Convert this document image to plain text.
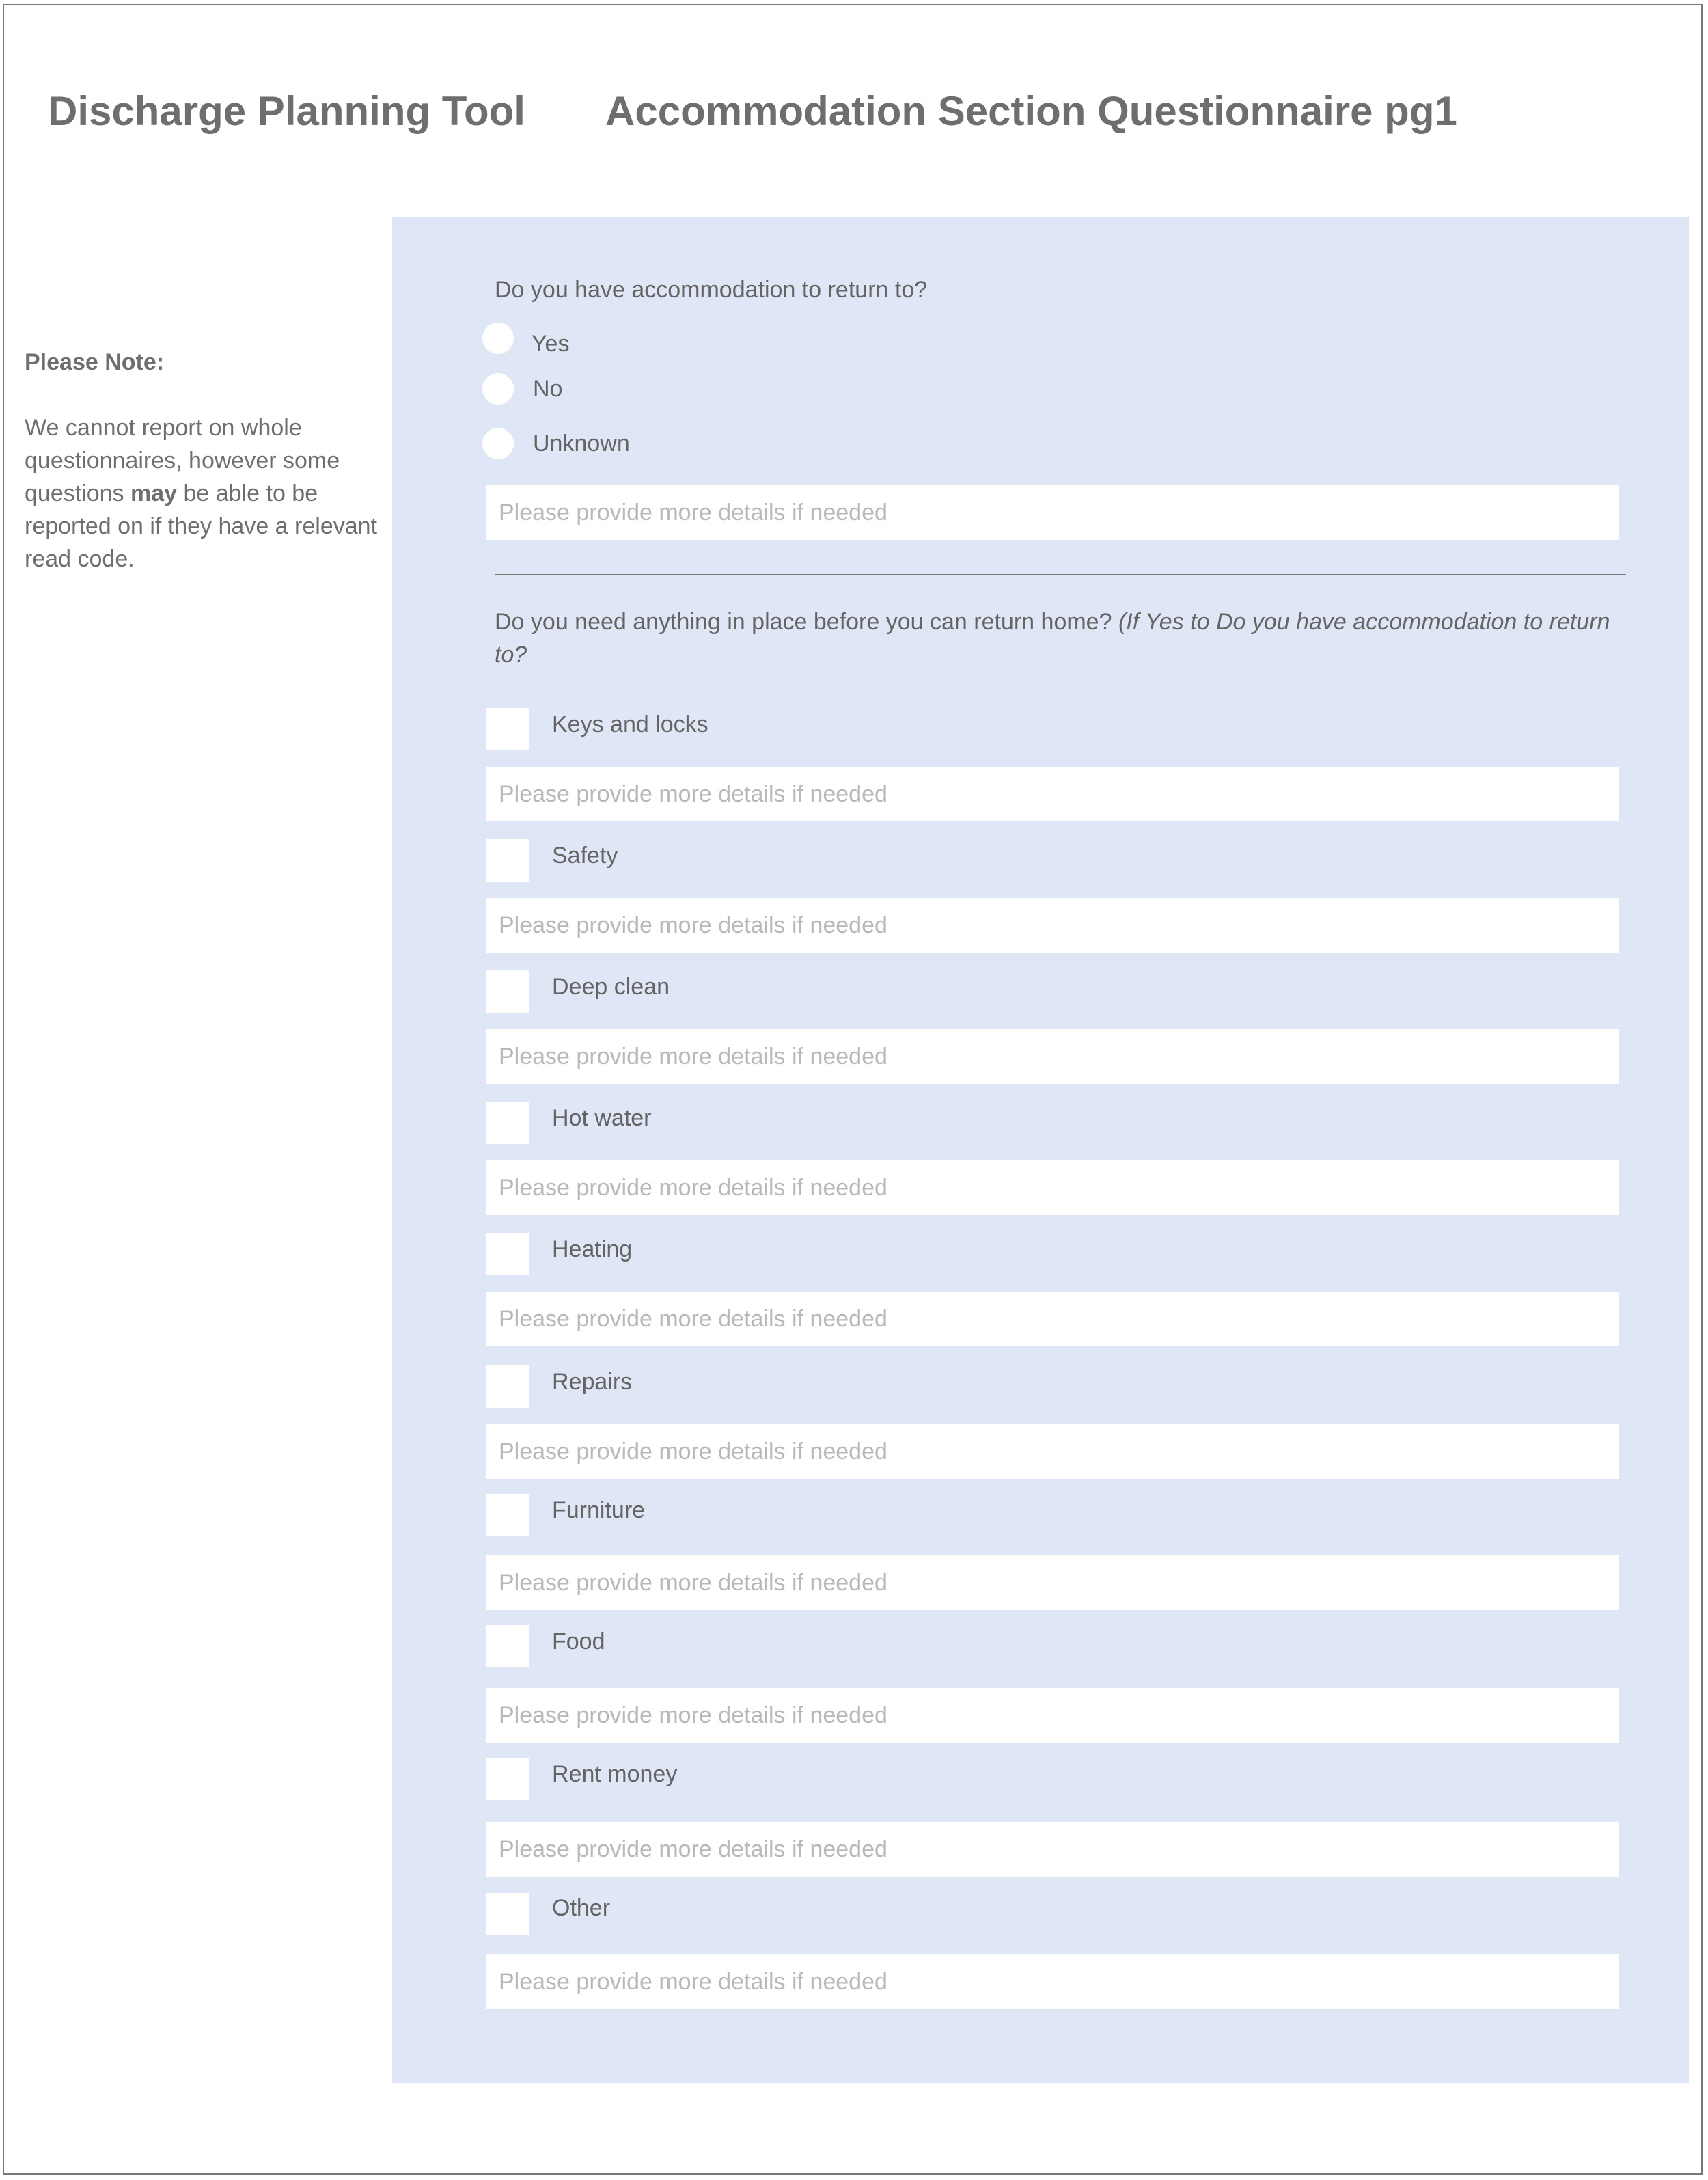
Discharge Planning Tool Accommodation Section Questionnaire pg1
Please Note:
We cannot report on whole questionnaires, however some questions may be able to be reported on if they have a relevant read code.
Do you have accommodation to return to?
Yes
No
Unknown
Please provide more details if needed
Do you need anything in place before you can return home? (If Yes to Do you have accommodation to return to?
Keys and locks
Please provide more details if needed
Safety
Please provide more details if needed
Deep clean
Please provide more details if needed
Hot water
Please provide more details if needed
Heating
Please provide more details if needed
Repairs
Please provide more details if needed
Furniture
Please provide more details if needed
Food
Please provide more details if needed
Rent money
Please provide more details if needed
Other
Please provide more details if needed
